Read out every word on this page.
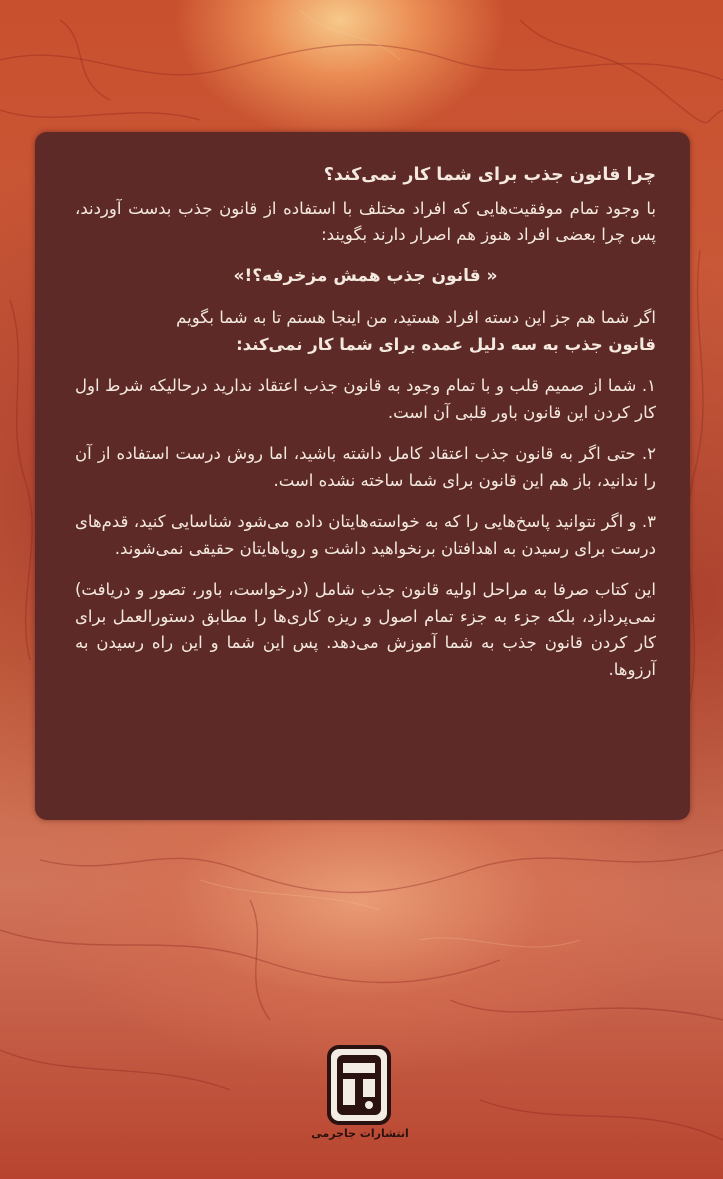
چرا قانون جذب برای شما کار نمی‌کند؟

با وجود تمام موفقیت‌هایی که افراد مختلف با استفاده از قانون جذب بدست آوردند، پس چرا بعضی افراد هنوز هم اصرار دارند بگویند:

« قانون جذب همش مزخرفه؟!»

اگر شما هم جز این دسته افراد هستید، من اینجا هستم تا به شما بگویم

قانون جذب به سه دلیل عمده برای شما کار نمی‌کند:

۱. شما از صمیم قلب و با تمام وجود به قانون جذب اعتقاد ندارید درحالیکه شرط اول کار کردن این قانون باور قلبی آن است.

۲. حتی اگر به قانون جذب اعتقاد کامل داشته باشید، اما روش درست استفاده از آن را ندانید، باز هم این قانون برای شما ساخته نشده است.

۳. و اگر نتوانید پاسخ‌هایی را که به خواسته‌هایتان داده می‌شود شناسایی کنید، قدم‌های درست برای رسیدن به اهدافتان برنخواهید داشت و رویاهایتان حقیقی نمی‌شوند.

این کتاب صرفا به مراحل اولیه قانون جذب شامل (درخواست، باور، تصور و دریافت) نمی‌پردازد، بلکه جزء به جزء تمام اصول و ریزه کاری‌ها را مطابق دستورالعمل برای کار کردن قانون جذب به شما آموزش می‌دهد. پس این شما و این راه رسیدن به آرزوها.

انتشارات جاجرمی
